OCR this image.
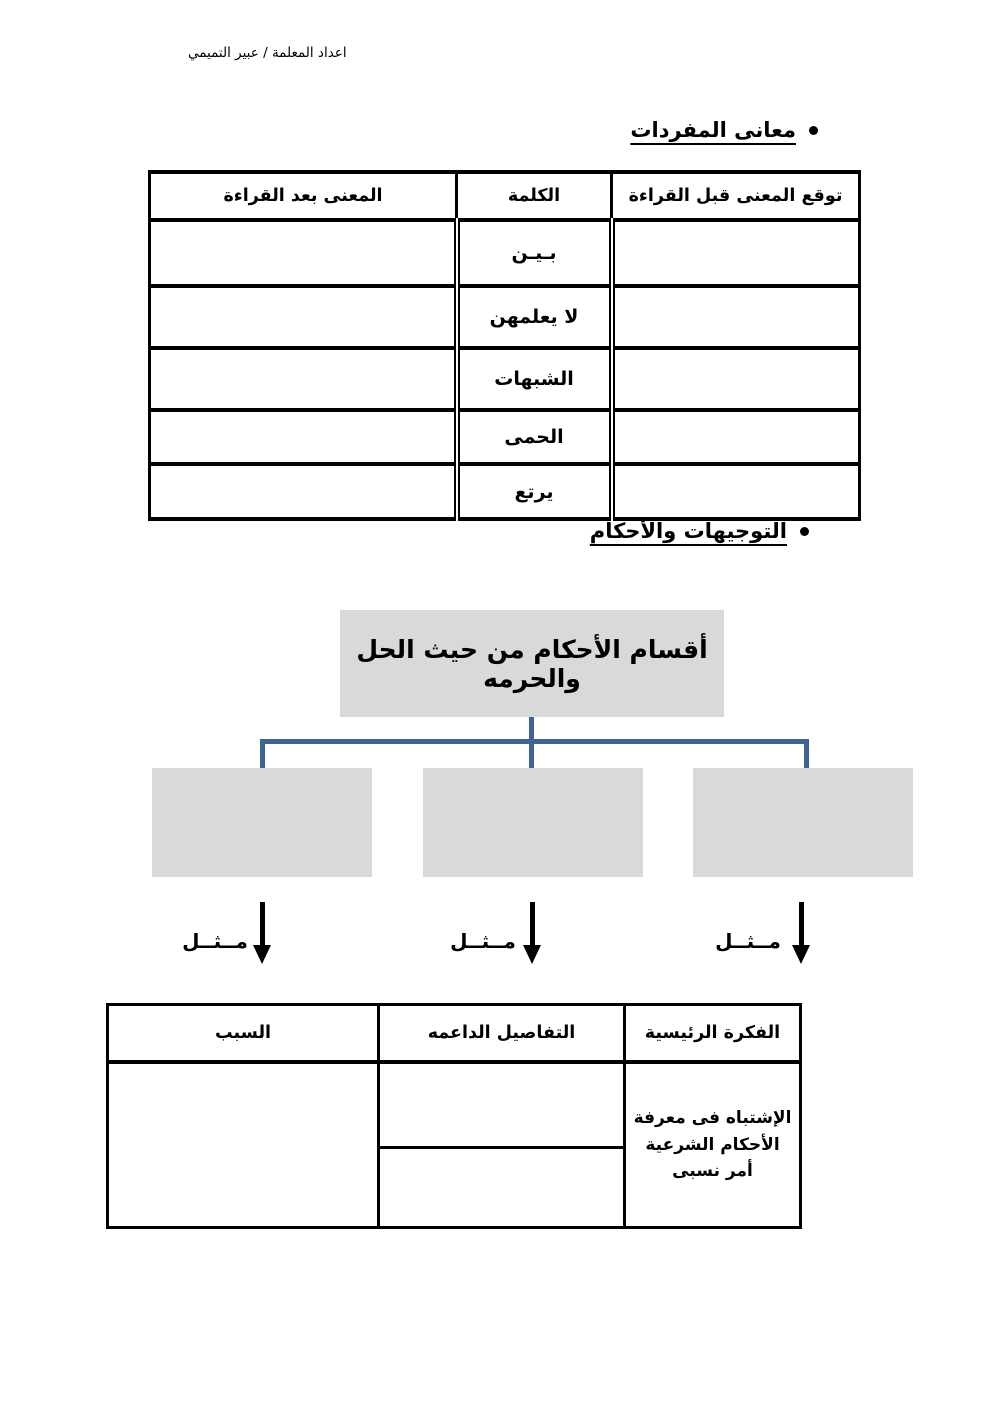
اعداد المعلمة / عبير التميمي
معانى المفردات
توقع المعنى قبل القراءة	الكلمة	المعنى بعد القراءة
	بـيـن	
	لا يعلمهن	
	الشبهات	
	الحمى	
	يرتع	
التوجيهات والأحكام
أقسام الأحكام من حيث الحل والحرمه
مــثــل	مــثــل	مــثــل
الفكرة الرئيسية	التفاصيل الداعمه	السبب
الإشتباه فى معرفة الأحكام الشرعية أمر نسبى		
